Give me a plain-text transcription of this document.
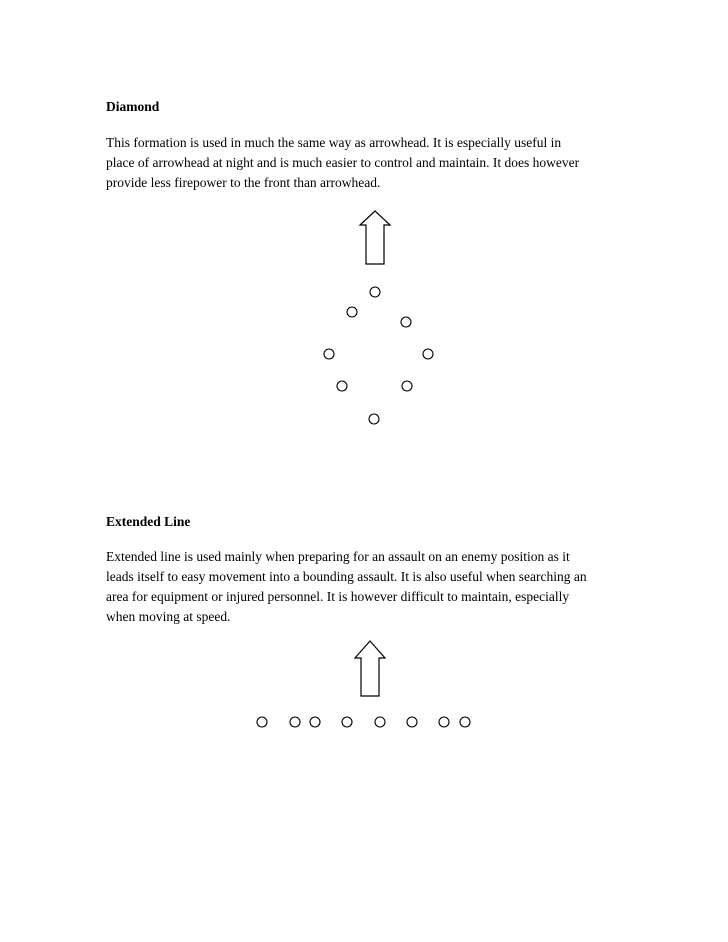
Diamond

This formation is used in much the same way as arrowhead. It is especially useful in
place of arrowhead at night and is much easier to control and maintain. It does however
provide less firepower to the front than arrowhead.

Extended Line

Extended line is used mainly when preparing for an assault on an enemy position as it
leads itself to easy movement into a bounding assault. It is also useful when searching an
area for equipment or injured personnel. It is however difficult to maintain, especially
when moving at speed.
